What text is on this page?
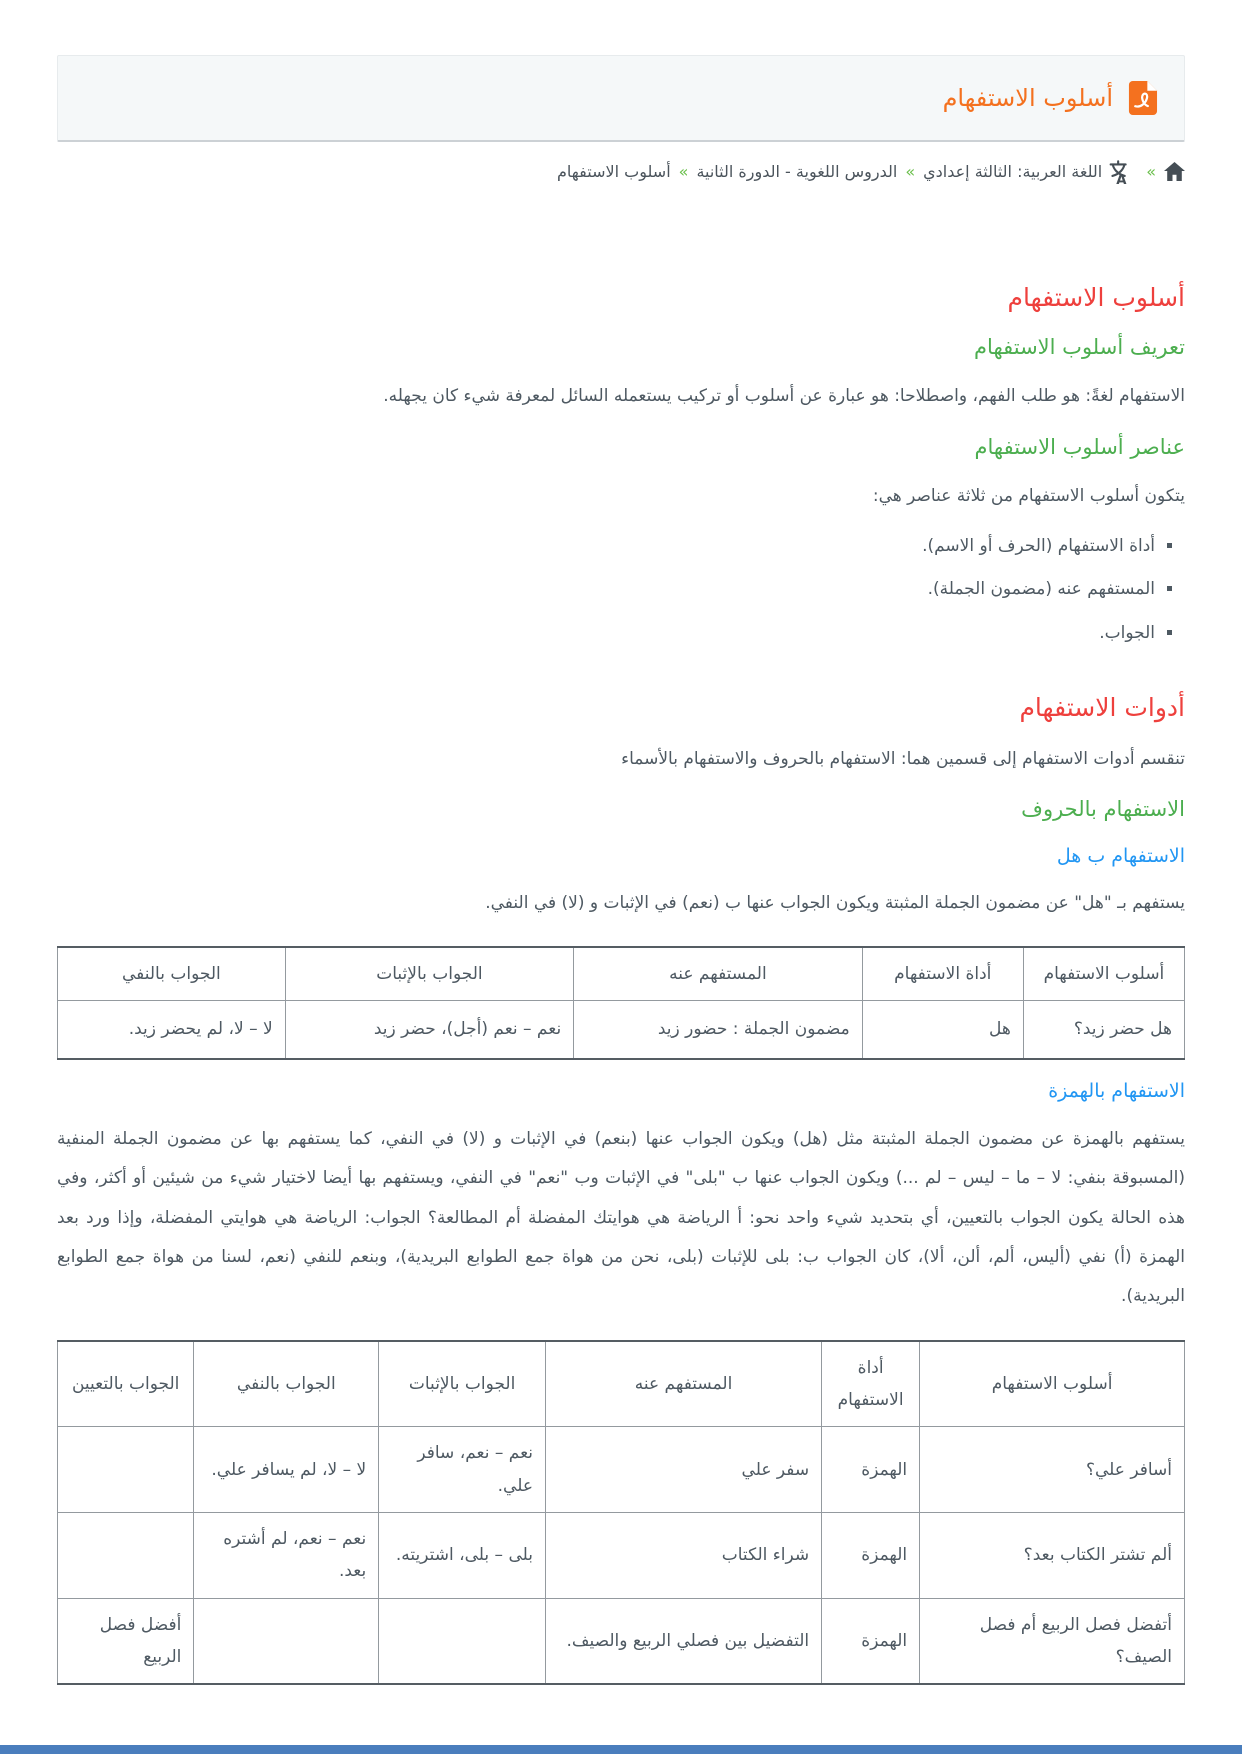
أسلوب الاستفهام
»
A
اللغة العربية: الثالثة إعدادي
»
الدروس اللغوية - الدورة الثانية
»
أسلوب الاستفهام
أسلوب الاستفهام
تعريف أسلوب الاستفهام

الاستفهام لغةً: هو طلب الفهم، واصطلاحا: هو عبارة عن أسلوب أو تركيب يستعمله السائل لمعرفة شيء كان يجهله.

عناصر أسلوب الاستفهام

يتكون أسلوب الاستفهام من ثلاثة عناصر هي:

▪ أداة الاستفهام (الحرف أو الاسم).
▪ المستفهم عنه (مضمون الجملة).
▪ الجواب.
أدوات الاستفهام

تنقسم أدوات الاستفهام إلى قسمين هما: الاستفهام بالحروف والاستفهام بالأسماء

الاستفهام بالحروف
الاستفهام ب هل

يستفهم بـ "هل" عن مضمون الجملة المثبتة ويكون الجواب عنها ب (نعم) في الإثبات و (لا) في النفي.

أسلوب الاستفهام	أداة الاستفهام	المستفهم عنه	الجواب بالإثبات	الجواب بالنفي
هل حضر زيد؟	هل	مضمون الجملة : حضور زيد	نعم – نعم (أجل)، حضر زيد	لا – لا، لم يحضر زيد.
الاستفهام بالهمزة

يستفهم بالهمزة عن مضمون الجملة المثبتة مثل (هل) ويكون الجواب عنها (بنعم) في الإثبات و (لا) في النفي، كما يستفهم بها عن مضمون الجملة المنفية (المسبوقة بنفي: لا – ما – ليس – لم ...) ويكون الجواب عنها ب "بلى" في الإثبات وب "نعم" في النفي، ويستفهم بها أيضا لاختيار شيء من شيئين أو أكثر، وفي هذه الحالة يكون الجواب بالتعيين، أي بتحديد شيء واحد نحو: أ الرياضة هي هوايتك المفضلة أم المطالعة؟ الجواب: الرياضة هي هوايتي المفضلة، وإذا ورد بعد الهمزة (أ) نفي (أليس، ألم، ألن، ألا)، كان الجواب ب: بلى للإثبات (بلى، نحن من هواة جمع الطوابع البريدية)، وبنعم للنفي (نعم، لسنا من هواة جمع الطوابع البريدية).

أسلوب الاستفهام	أداة الاستفهام	المستفهم عنه	الجواب بالإثبات	الجواب بالنفي	الجواب بالتعيين
أسافر علي؟	الهمزة	سفر علي	نعم – نعم، سافر علي.	لا – لا، لم يسافر علي.	
ألم تشتر الكتاب بعد؟	الهمزة	شراء الكتاب	بلى – بلى، اشتريته.	نعم – نعم، لم أشتره بعد.	
أتفضل فصل الربيع أم فصل الصيف؟	الهمزة	التفضيل بين فصلي الربيع والصيف.			أفضل فصل الربيع
